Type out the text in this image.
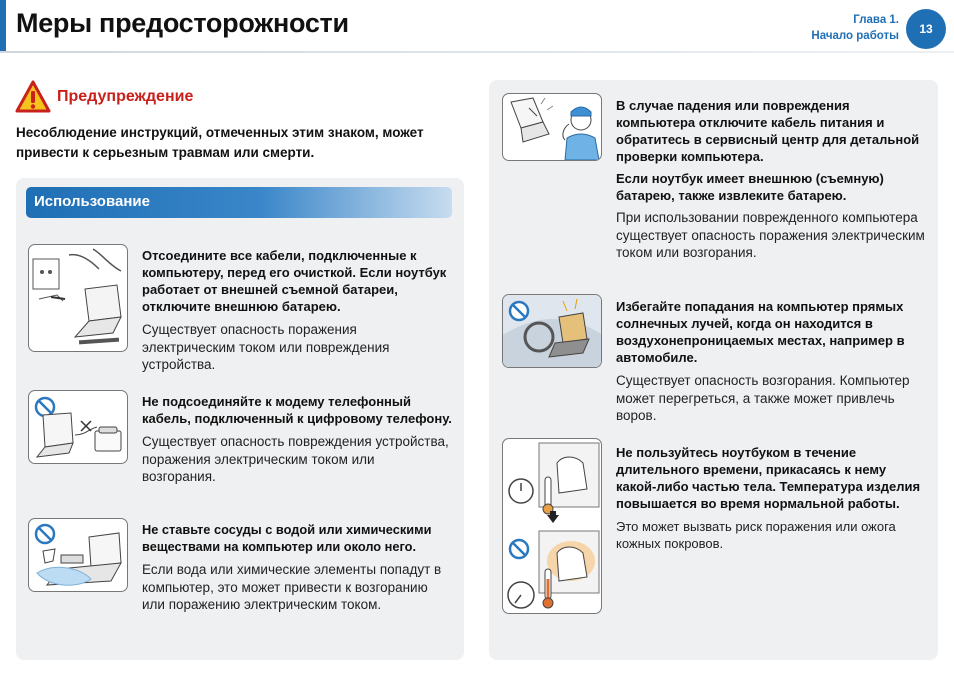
Меры предосторожности	Глава 1.
Начало работы	13
Предупреждение
Несоблюдение инструкций, отмеченных этим знаком, может привести к серьезным травмам или смерти.
Использование
Отсоедините все кабели, подключенные к компьютеру, перед его очисткой. Если ноутбук работает от внешней съемной батареи, отключите внешнюю батарею.
Существует опасность поражения электрическим током или повреждения устройства.
Не подсоединяйте к модему телефонный кабель, подключенный к цифровому телефону.
Существует опасность повреждения устройства, поражения электрическим током или возгорания.
Не ставьте сосуды с водой или химическими веществами на компьютер или около него.
Если вода или химические элементы попадут в компьютер, это может привести к возгоранию или поражению электрическим током.
В случае падения или повреждения компьютера отключите кабель питания и обратитесь в сервисный центр для детальной проверки компьютера.
Если ноутбук имеет внешнюю (съемную) батарею, также извлеките батарею.
При использовании поврежденного компьютера существует опасность поражения электрическим током или возгорания.
Избегайте попадания на компьютер прямых солнечных лучей, когда он находится в воздухонепроницаемых местах, например в автомобиле.
Существует опасность возгорания. Компьютер может перегреться, а также может привлечь воров.
Не пользуйтесь ноутбуком в течение длительного времени, прикасаясь к нему какой-либо частью тела. Температура изделия повышается во время нормальной работы.
Это может вызвать риск поражения или ожога кожных покровов.
